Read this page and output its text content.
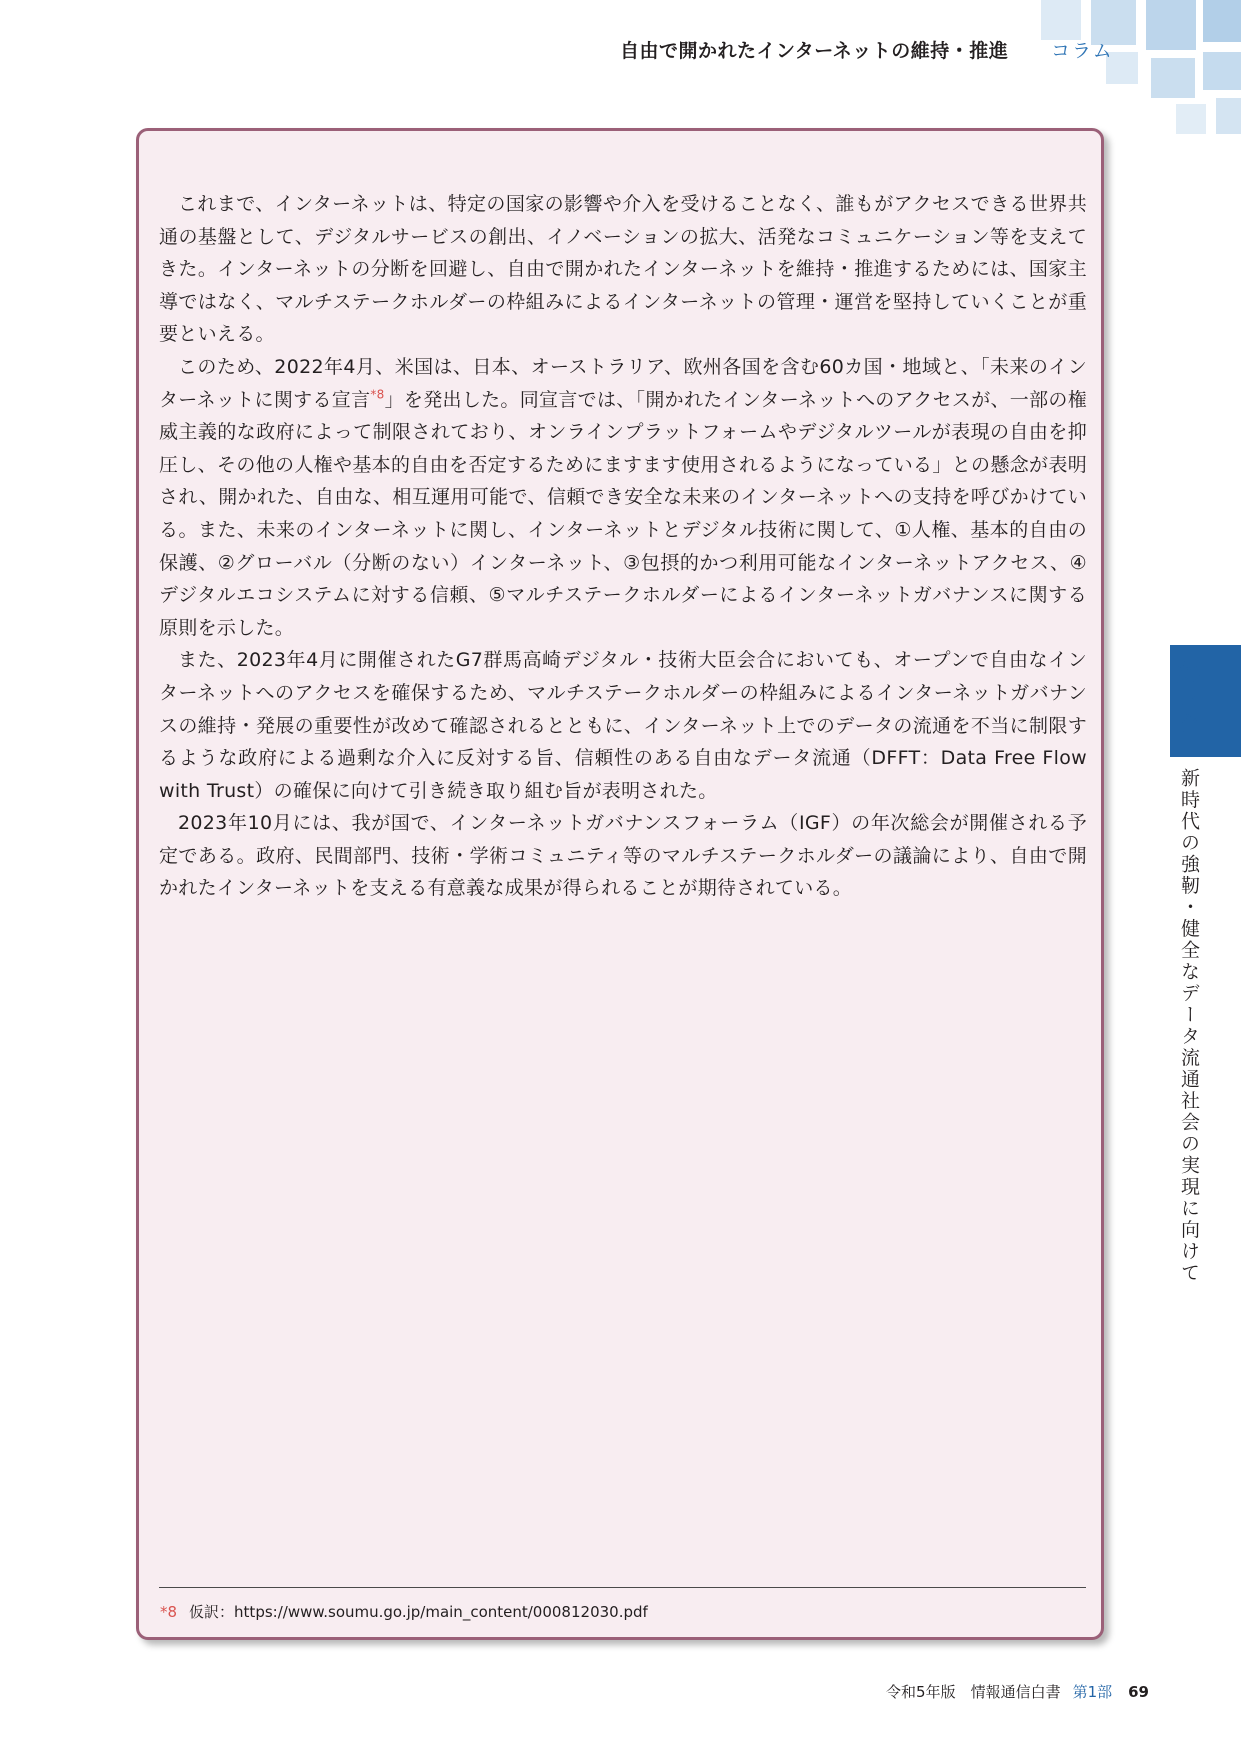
自由で開かれたインターネットの維持・推進 コラム

これまで、インターネットは、特定の国家の影響や介入を受けることなく、誰もがアクセスできる世界共通の基盤として、デジタルサービスの創出、イノベーションの拡大、活発なコミュニケーション等を支えてきた。インターネットの分断を回避し、自由で開かれたインターネットを維持・推進するためには、国家主導ではなく、マルチステークホルダーの枠組みによるインターネットの管理・運営を堅持していくことが重要といえる。

このため、2022年4月、米国は、日本、オーストラリア、欧州各国を含む60カ国・地域と、「未来のインターネットに関する宣言$^{*8}$」を発出した。同宣言では、「開かれたインターネットへのアクセスが、一部の権威主義的な政府によって制限されており、オンラインプラットフォームやデジタルツールが表現の自由を抑圧し、その他の人権や基本的自由を否定するためにますます使用されるようになっている」との懸念が表明され、開かれた、自由な、相互運用可能で、信頼でき安全な未来のインターネットへの支持を呼びかけている。また、未来のインターネットに関し、インターネットとデジタル技術に関して、①人権、基本的自由の保護、②グローバル（分断のない）インターネット、③包摂的かつ利用可能なインターネットアクセス、④デジタルエコシステムに対する信頼、⑤マルチステークホルダーによるインターネットガバナンスに関する原則を示した。

また、2023年4月に開催されたG7群馬高崎デジタル・技術大臣会合においても、オープンで自由なインターネットへのアクセスを確保するため、マルチステークホルダーの枠組みによるインターネットガバナンスの維持・発展の重要性が改めて確認されるとともに、インターネット上でのデータの流通を不当に制限するような政府による過剰な介入に反対する旨、信頼性のある自由なデータ流通（DFFT：Data Free Flow with Trust）の確保に向けて引き続き取り組む旨が表明された。

2023年10月には、我が国で、インターネットガバナンスフォーラム（IGF）の年次総会が開催される予定である。政府、民間部門、技術・学術コミュニティ等のマルチステークホルダーの議論により、自由で開かれたインターネットを支える有意義な成果が得られることが期待されている。

*8 仮訳：https://www.soumu.go.jp/main_content/000812030.pdf
第
3
章
新時代の強靭・健全なデータ流通社会の実現に向けて
令和5年版　情報通信白書 第1部 69
